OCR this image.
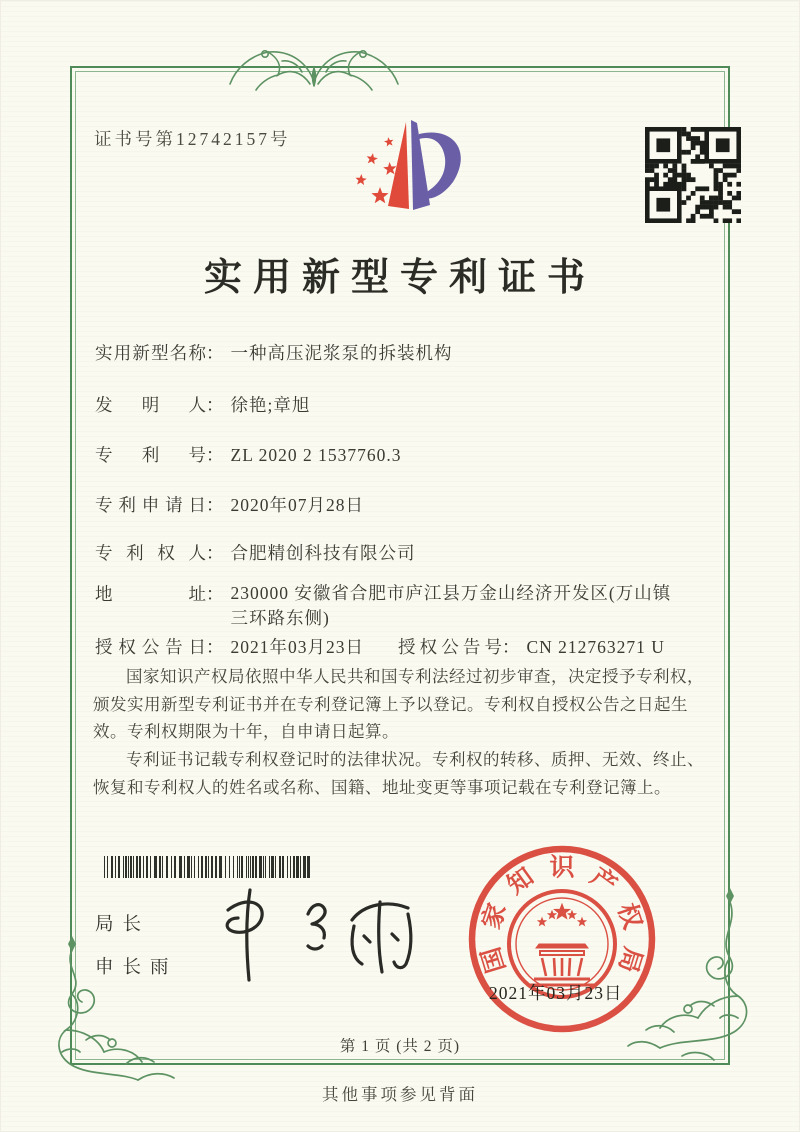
证书号第12742157号
实用新型专利证书
实用新型名称： 一种高压泥浆泵的拆装机构
发明人： 徐艳;章旭
专利号： ZL 2020 2 1537760.3
专利申请日： 2020年07月28日
专利权人： 合肥精创科技有限公司
地址： 230000 安徽省合肥市庐江县万金山经济开发区(万山镇三环路东侧)
授权公告日： 2021年03月23日 授权公告号： CN 212763271 U

国家知识产权局依照中华人民共和国专利法经过初步审查，决定授予专利权，颁发实用新型专利证书并在专利登记簿上予以登记。专利权自授权公告之日起生效。专利权期限为十年，自申请日起算。

专利证书记载专利权登记时的法律状况。专利权的转移、质押、无效、终止、恢复和专利权人的姓名或名称、国籍、地址变更等事项记载在专利登记簿上。

局长
申长雨	国
家
知 识 产
权
局
2021年03月23日
第 1 页 (共 2 页)
其他事项参见背面
